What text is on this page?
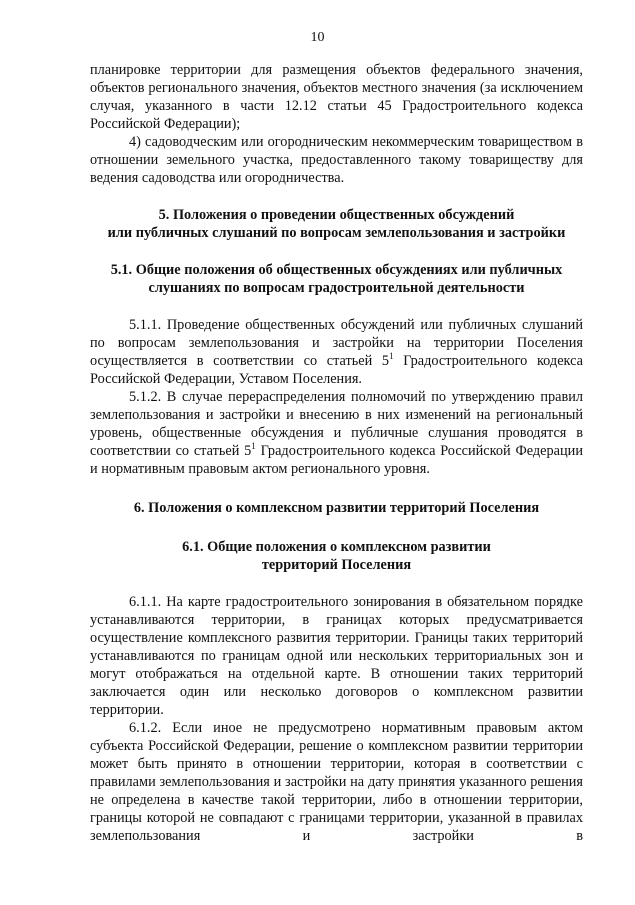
10

планировке территории для размещения объектов федерального значения, объектов регионального значения, объектов местного значения (за исключением случая, указанного в части 12.12 статьи 45 Градостроительного кодекса Российской Федерации);

4) садоводческим или огородническим некоммерческим товариществом в отношении земельного участка, предоставленного такому товариществу для ведения садоводства или огородничества.

5. Положения о проведении общественных обсуждений
или публичных слушаний по вопросам землепользования и застройки
5.1. Общие положения об общественных обсуждениях или публичных
слушаниях по вопросам градостроительной деятельности

5.1.1. Проведение общественных обсуждений или публичных слушаний по вопросам землепользования и застройки на территории Поселения осуществляется в соответствии со статьей $5^1$ Градостроительного кодекса Российской Федерации, Уставом Поселения.

5.1.2. В случае перераспределения полномочий по утверждению правил землепользования и застройки и внесению в них изменений на региональный уровень, общественные обсуждения и публичные слушания проводятся в соответствии со статьей $5^1$ Градостроительного кодекса Российской Федерации и нормативным правовым актом регионального уровня.

6. Положения о комплексном развитии территорий Поселения
6.1. Общие положения о комплексном развитии
территорий Поселения

6.1.1. На карте градостроительного зонирования в обязательном порядке устанавливаются территории, в границах которых предусматривается осуществление комплексного развития территории. Границы таких территорий устанавливаются по границам одной или нескольких территориальных зон и могут отображаться на отдельной карте. В отношении таких территорий заключается один или несколько договоров о комплексном развитии территории.

6.1.2. Если иное не предусмотрено нормативным правовым актом субъекта Российской Федерации, решение о комплексном развитии территории может быть принято в отношении территории, которая в соответствии с правилами землепользования и застройки на дату принятия указанного решения не определена в качестве такой территории, либо в отношении территории, границы которой не совпадают с границами территории, указанной в правилах землепользования и застройки в
